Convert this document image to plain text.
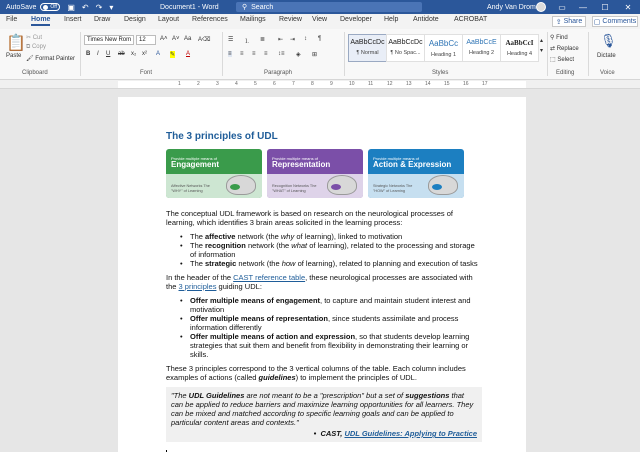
AutoSave	Off ▣ ↶ ↷ ▾	Document1 - Word	⚲ Search	Andy Van Drom	▭	—	☐	✕
File Home Insert Draw Design Layout References Mailings Review View Developer Help Antidote ACROBAT	⇪ Share ▢ Comments
📋
Paste
✂ Cut
⧉ Copy
🖌 Format Painter
Clipboard
Times New Rom	12	A˄ A˅ Aa A⌫
B I U ab x₂ x² A ✎ A
Font
☰ ⒈ ≣ ⇤ ⇥ ↕ ¶
≡ ≡ ≡ ≡ ↕≡ ◈ ⊞
Paragraph
AaBbCcDc
¶ Normal
AaBbCcDc
¶ No Spac...
AaBbCc
Heading 1
AaBbCcE
Heading 2
AaBbCcI
Heading 4
▴
▾
Styles
⚲ Find
⇄ Replace
⬚ Select
Editing
🎙
Dictate
Voice
1	2	3	4	5	6	7	8	9	10	11	12	13	14	15	16	17
The 3 principles of UDL
Provide multiple means of
Engagement
Affective Networks The "WHY" of Learning
Provide multiple means of
Representation
Recognition Networks The "WHAT" of Learning
Provide multiple means of
Action & Expression
Strategic Networks The "HOW" of Learning

The conceptual UDL framework is based on research on the neurological processes of learning, which identifies 3 brain areas solicited in the learning process:

• The affective network (the why of learning), linked to motivation
• The recognition network (the what of learning), related to the processing and storage of information
• The strategic network (the how of learning), related to planning and execution of tasks

In the header of the CAST reference table, these neurological processes are associated with the 3 principles guiding UDL:

• Offer multiple means of engagement, to capture and maintain student interest and motivation
• Offer multiple means of representation, since students assimilate and process information differently
• Offer multiple means of action and expression, so that students develop learning strategies that suit them and benefit from flexibility in demonstrating their learning or skills.

These 3 principles correspond to the 3 vertical columns of the table. Each column includes examples of actions (called guidelines) to implement the principles of UDL.

"The UDL Guidelines are not meant to be a "prescription" but a set of suggestions that can be applied to reduce barriers and maximize learning opportunities for all learners. They can be mixed and matched according to specific learning goals and can be applied to particular content areas and contexts."
•  CAST, UDL Guidelines: Applying to Practice
